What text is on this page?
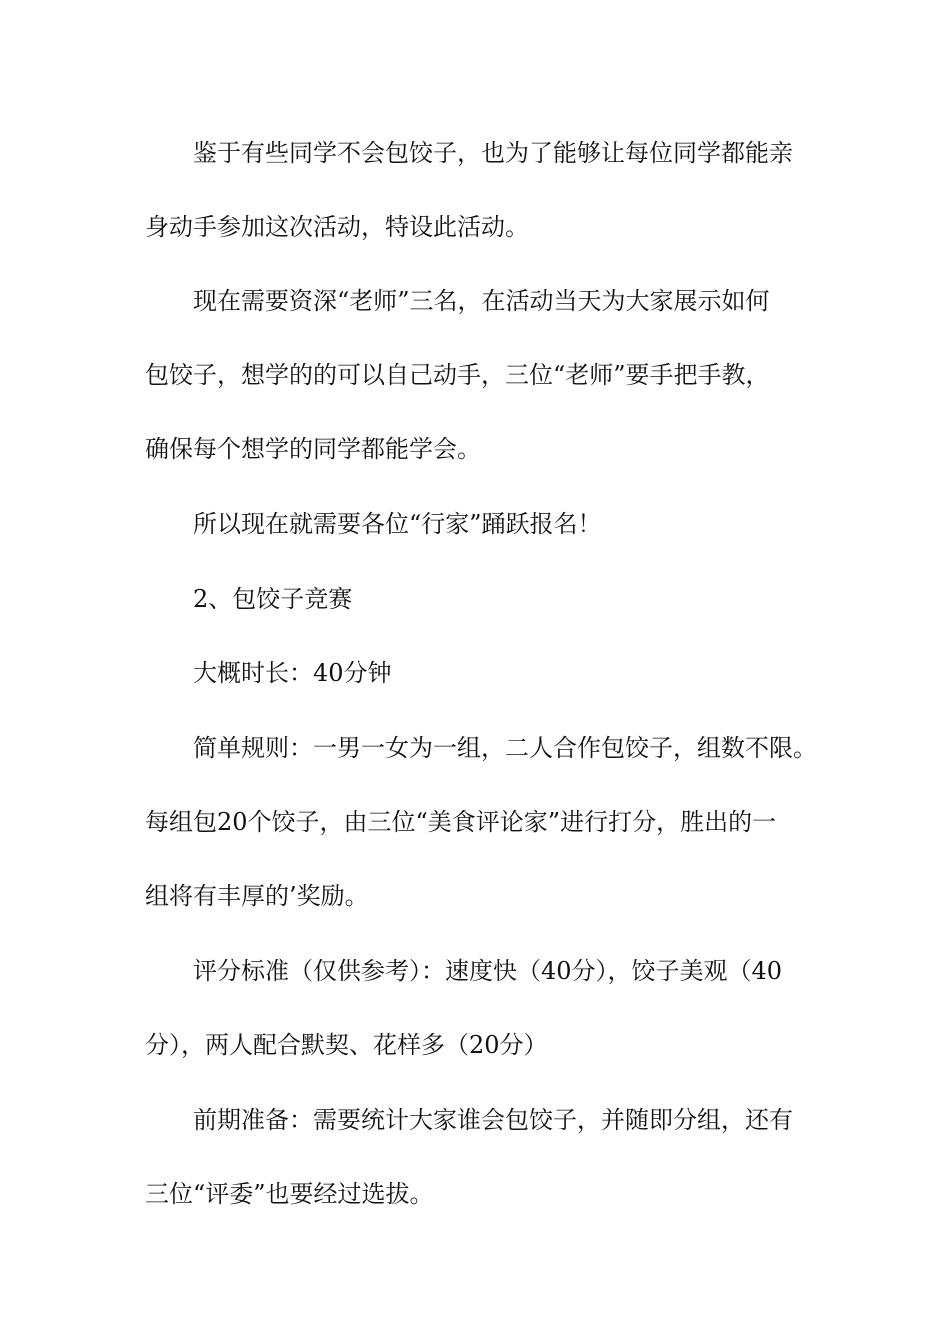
鉴于有些同学不会包饺子，也为了能够让每位同学都能亲
身动手参加这次活动，特设此活动。
现在需要资深“老师”三名，在活动当天为大家展示如何
包饺子，想学的的可以自己动手，三位“老师”要手把手教，
确保每个想学的同学都能学会。
所以现在就需要各位“行家”踊跃报名！
2、包饺子竞赛
大概时长：40分钟
简单规则：一男一女为一组，二人合作包饺子，组数不限。
每组包20个饺子，由三位“美食评论家”进行打分，胜出的一
组将有丰厚的’奖励。
评分标准（仅供参考）：速度快（40分），饺子美观（40
分），两人配合默契、花样多（20分）
前期准备：需要统计大家谁会包饺子，并随即分组，还有
三位“评委”也要经过选拔。
